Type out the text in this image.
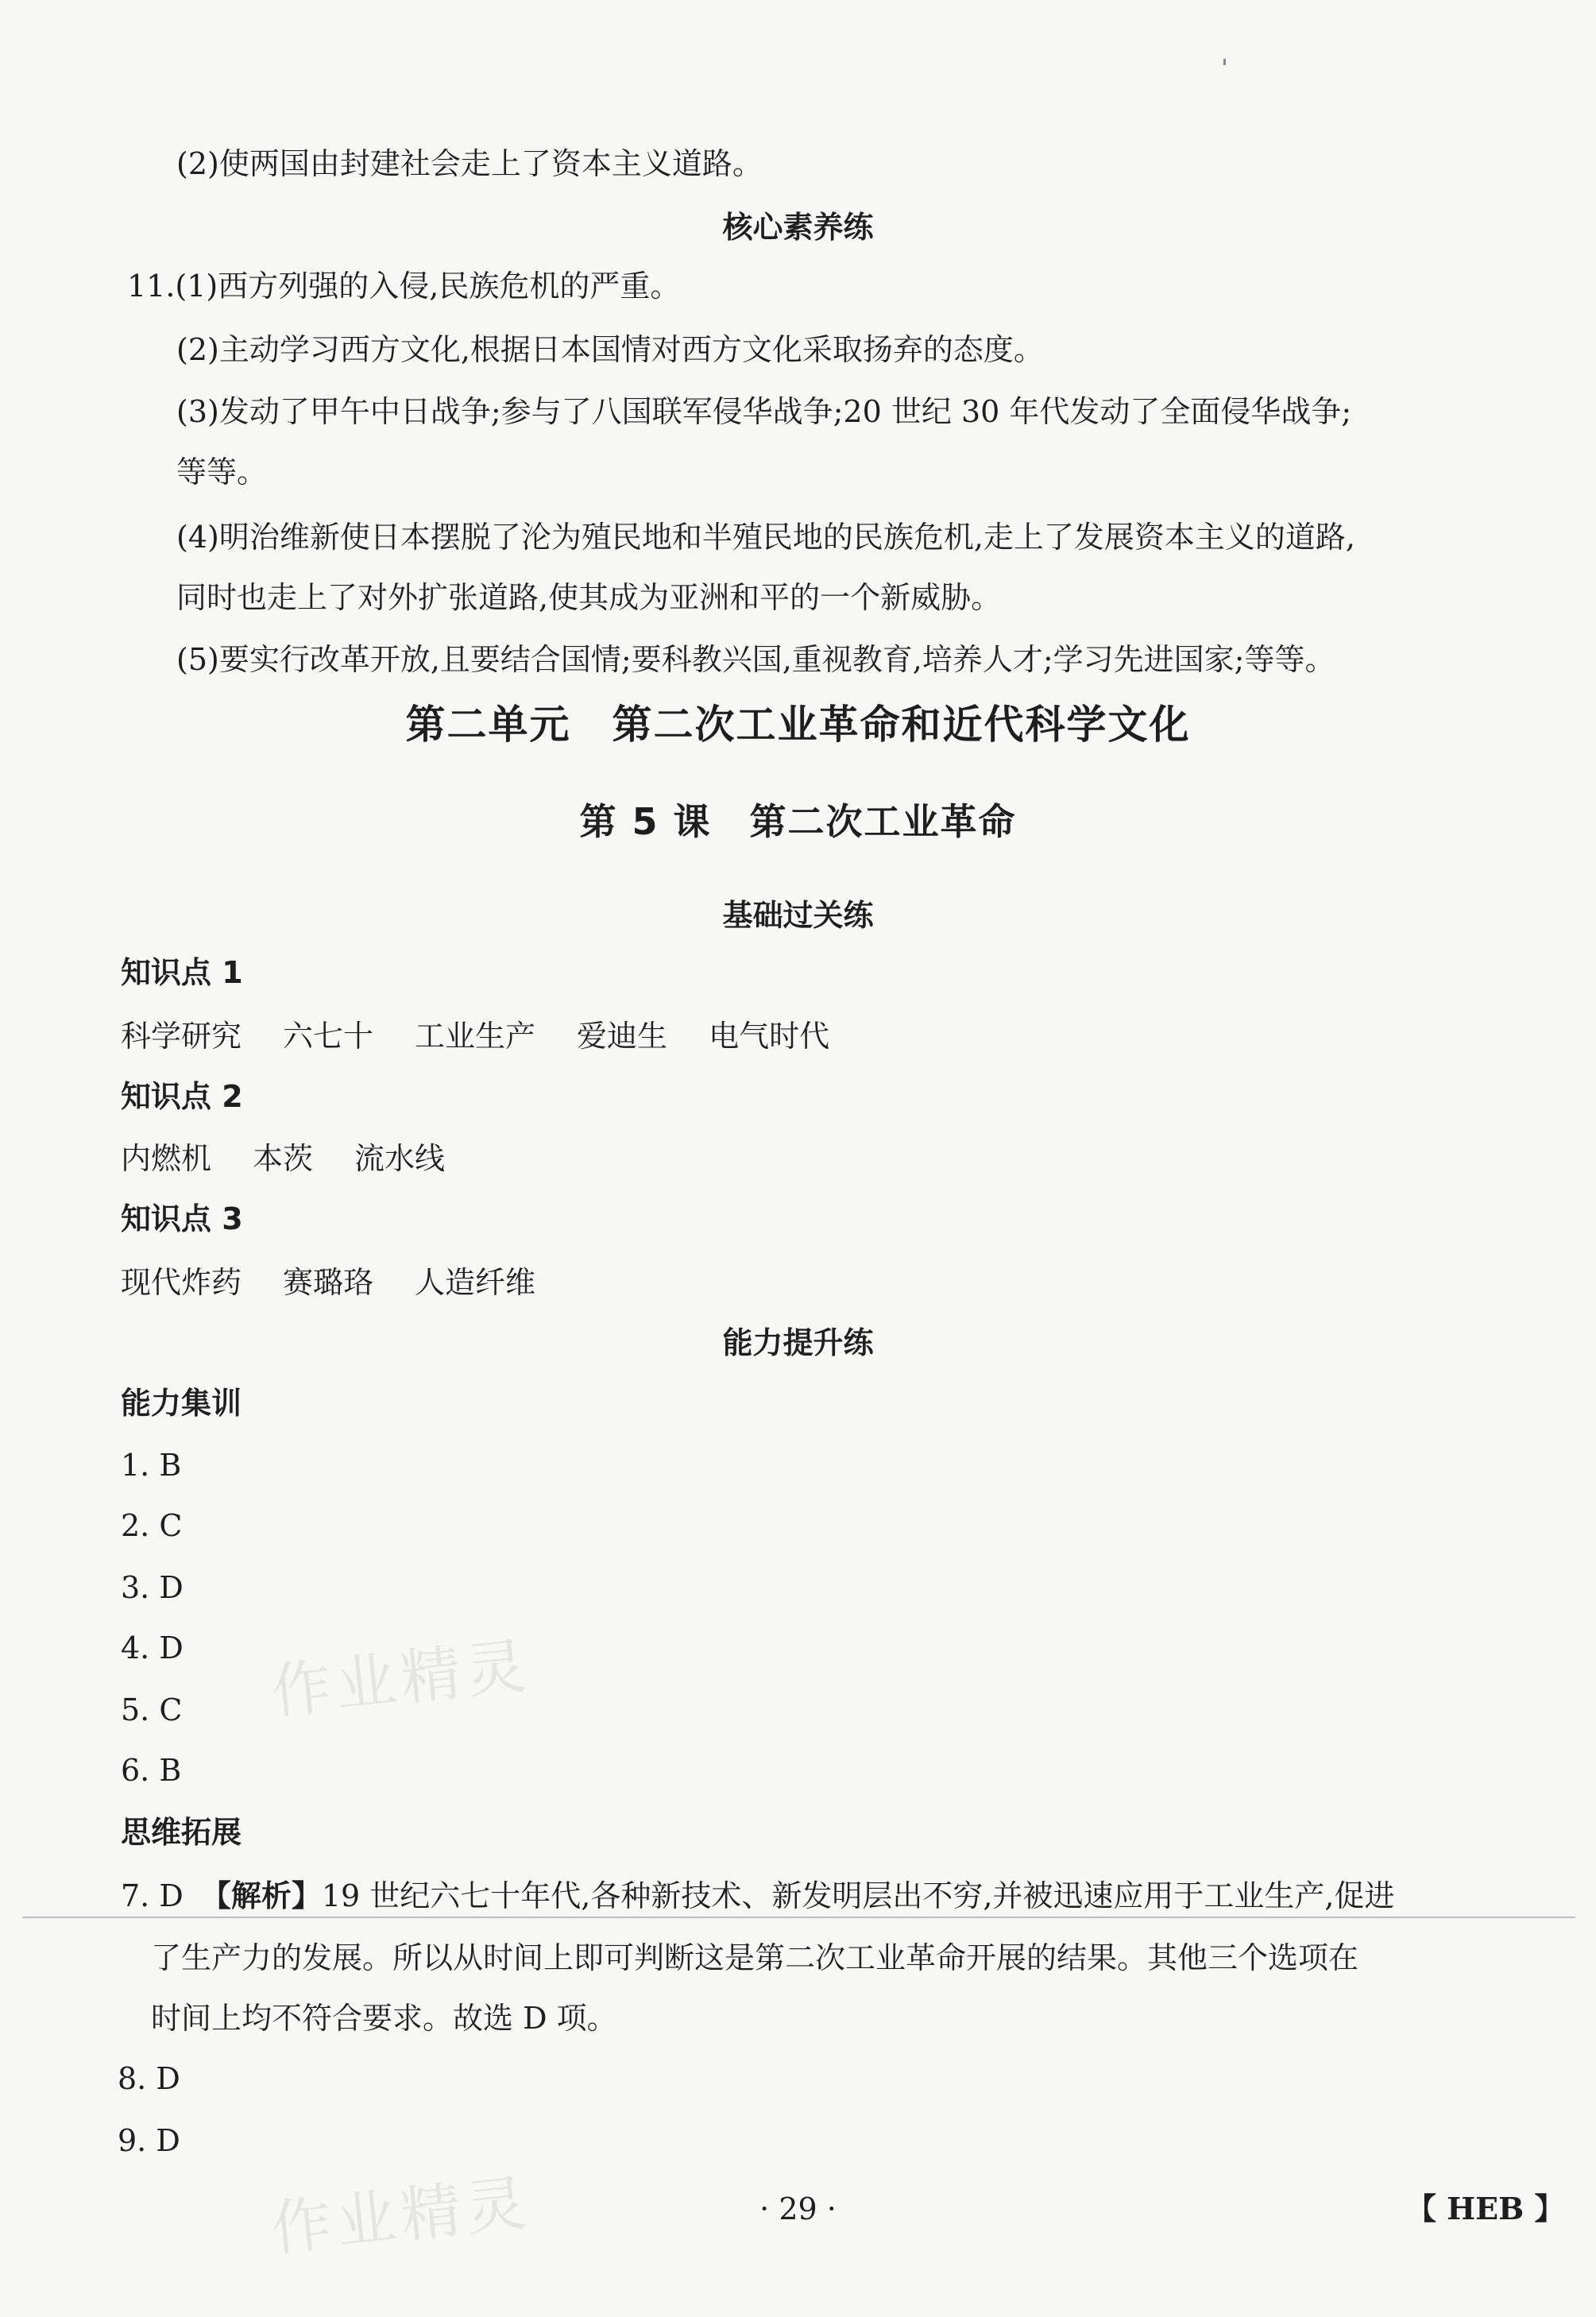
(2)使两国由封建社会走上了资本主义道路。
核心素养练
11.(1)西方列强的入侵,民族危机的严重。
(2)主动学习西方文化,根据日本国情对西方文化采取扬弃的态度。
(3)发动了甲午中日战争;参与了八国联军侵华战争;20 世纪 30 年代发动了全面侵华战争;
等等。
(4)明治维新使日本摆脱了沦为殖民地和半殖民地的民族危机,走上了发展资本主义的道路,
同时也走上了对外扩张道路,使其成为亚洲和平的一个新威胁。
(5)要实行改革开放,且要结合国情;要科教兴国,重视教育,培养人才;学习先进国家;等等。
第二单元　第二次工业革命和近代科学文化
第 5 课　第二次工业革命
基础过关练
知识点 1
科学研究 六七十 工业生产 爱迪生 电气时代
知识点 2
内燃机 本茨 流水线
知识点 3
现代炸药 赛璐珞 人造纤维
能力提升练
能力集训
1. B
2. C
3. D
4. D
5. C
6. B
思维拓展
7. D 【解析】19 世纪六七十年代,各种新技术、新发明层出不穷,并被迅速应用于工业生产,促进
了生产力的发展。所以从时间上即可判断这是第二次工业革命开展的结果。其他三个选项在
时间上均不符合要求。故选 D 项。
8. D
9. D
作业精灵
作业精灵	· 29 ·	【 HEB 】
